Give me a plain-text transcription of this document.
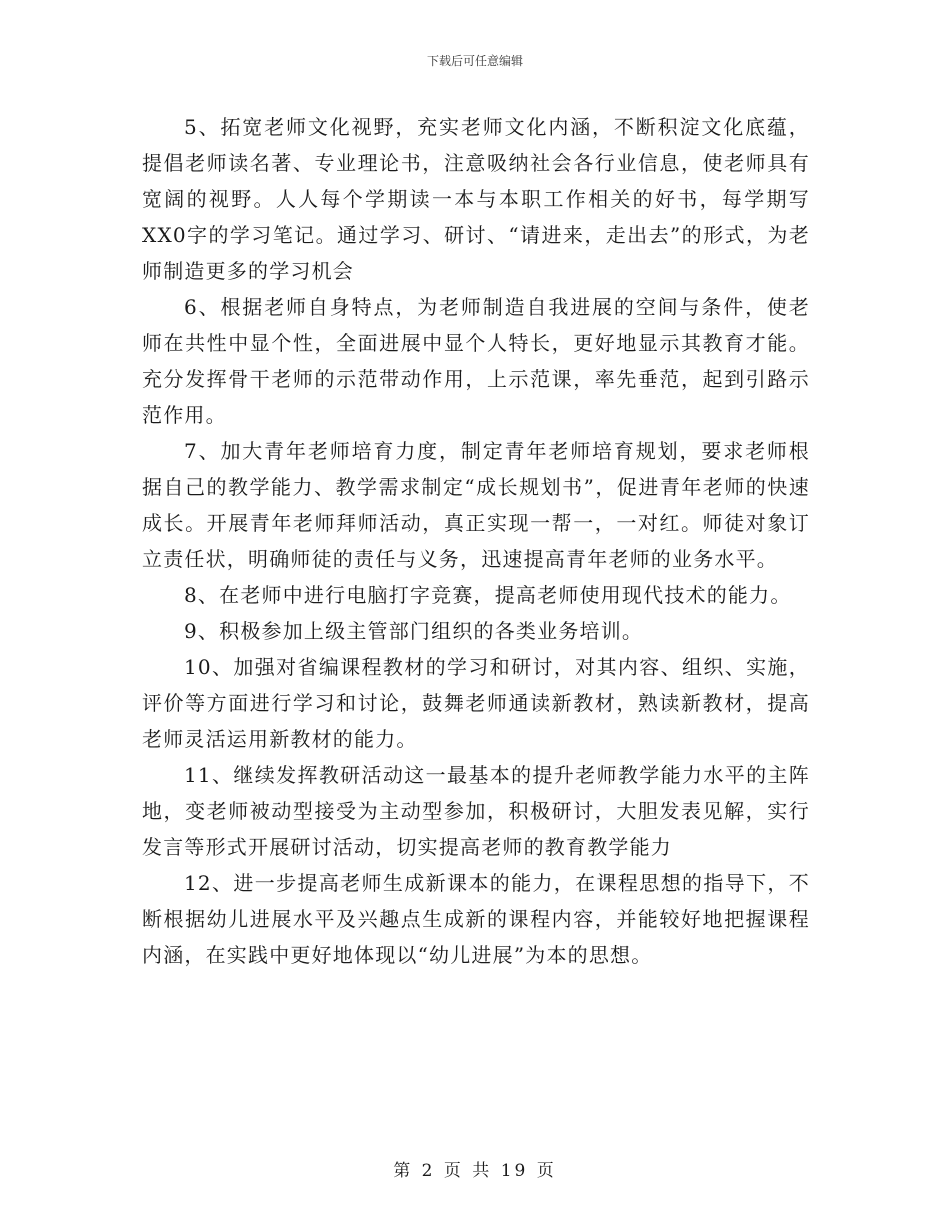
下载后可任意编辑

5、拓宽老师文化视野，充实老师文化内涵，不断积淀文化底蕴，提倡老师读名著、专业理论书，注意吸纳社会各行业信息，使老师具有宽阔的视野。人人每个学期读一本与本职工作相关的好书，每学期写XX0字的学习笔记。通过学习、研讨、“请进来，走出去”的形式，为老师制造更多的学习机会

6、根据老师自身特点，为老师制造自我进展的空间与条件，使老师在共性中显个性，全面进展中显个人特长，更好地显示其教育才能。充分发挥骨干老师的示范带动作用，上示范课，率先垂范，起到引路示范作用。

7、加大青年老师培育力度，制定青年老师培育规划，要求老师根据自己的教学能力、教学需求制定“成长规划书”，促进青年老师的快速成长。开展青年老师拜师活动，真正实现一帮一，一对红。师徒对象订立责任状，明确师徒的责任与义务，迅速提高青年老师的业务水平。

8、在老师中进行电脑打字竞赛，提高老师使用现代技术的能力。

9、积极参加上级主管部门组织的各类业务培训。

10、加强对省编课程教材的学习和研讨，对其内容、组织、实施，评价等方面进行学习和讨论，鼓舞老师通读新教材，熟读新教材，提高老师灵活运用新教材的能力。

11、继续发挥教研活动这一最基本的提升老师教学能力水平的主阵地，变老师被动型接受为主动型参加，积极研讨，大胆发表见解，实行发言等形式开展研讨活动，切实提高老师的教育教学能力

12、进一步提高老师生成新课本的能力，在课程思想的指导下，不断根据幼儿进展水平及兴趣点生成新的课程内容，并能较好地把握课程内涵，在实践中更好地体现以“幼儿进展”为本的思想。

第 2 页 共 19 页
